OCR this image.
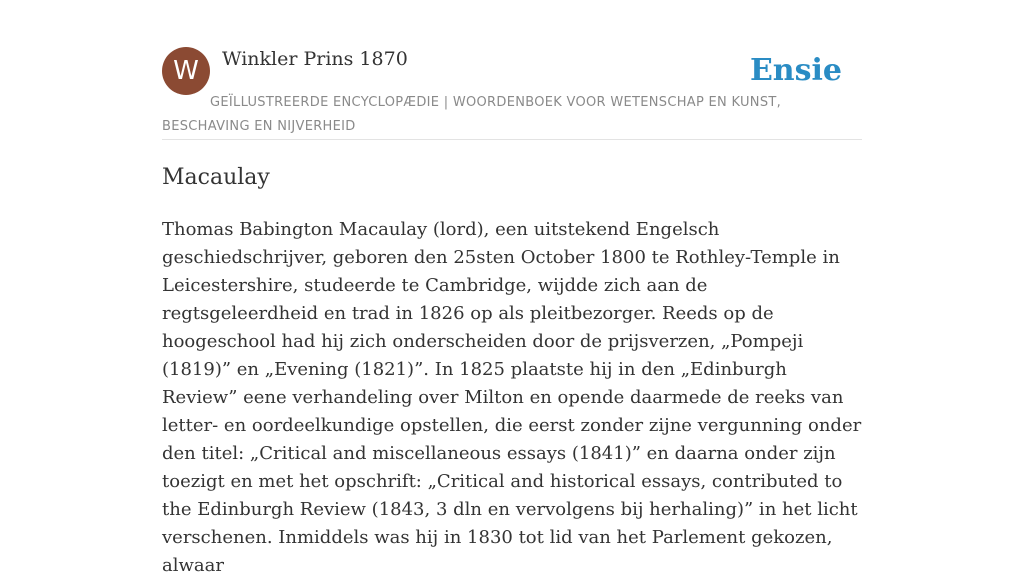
W	Winkler Prins 1870	Ensie
GEÏLLUSTREERDE ENCYCLOPÆDIE | WOORDENBOEK VOOR WETENSCHAP EN KUNST, BESCHAVING EN NIJVERHEID
Macaulay

Thomas Babington Macaulay (lord), een uitstekend Engelsch geschiedschrijver, geboren den 25sten October 1800 te Rothley-Temple in Leicestershire, studeerde te Cambridge, wijdde zich aan de regtsgeleerdheid en trad in 1826 op als pleitbezorger. Reeds op de hoogeschool had hij zich onderscheiden door de prijsverzen, „Pompeji (1819)” en „Evening (1821)”. In 1825 plaatste hij in den „Edinburgh Review” eene verhandeling over Milton en opende daarmede de reeks van letter- en oordeelkundige opstellen, die eerst zonder zijne vergunning onder den titel: „Critical and miscellaneous essays (1841)” en daarna onder zijn toezigt en met het opschrift: „Critical and historical essays, contributed to the Edinburgh Review (1843, 3 dln en vervolgens bij herhaling)” in het licht verschenen. Inmiddels was hij in 1830 tot lid van het Parlement gekozen, alwaar
